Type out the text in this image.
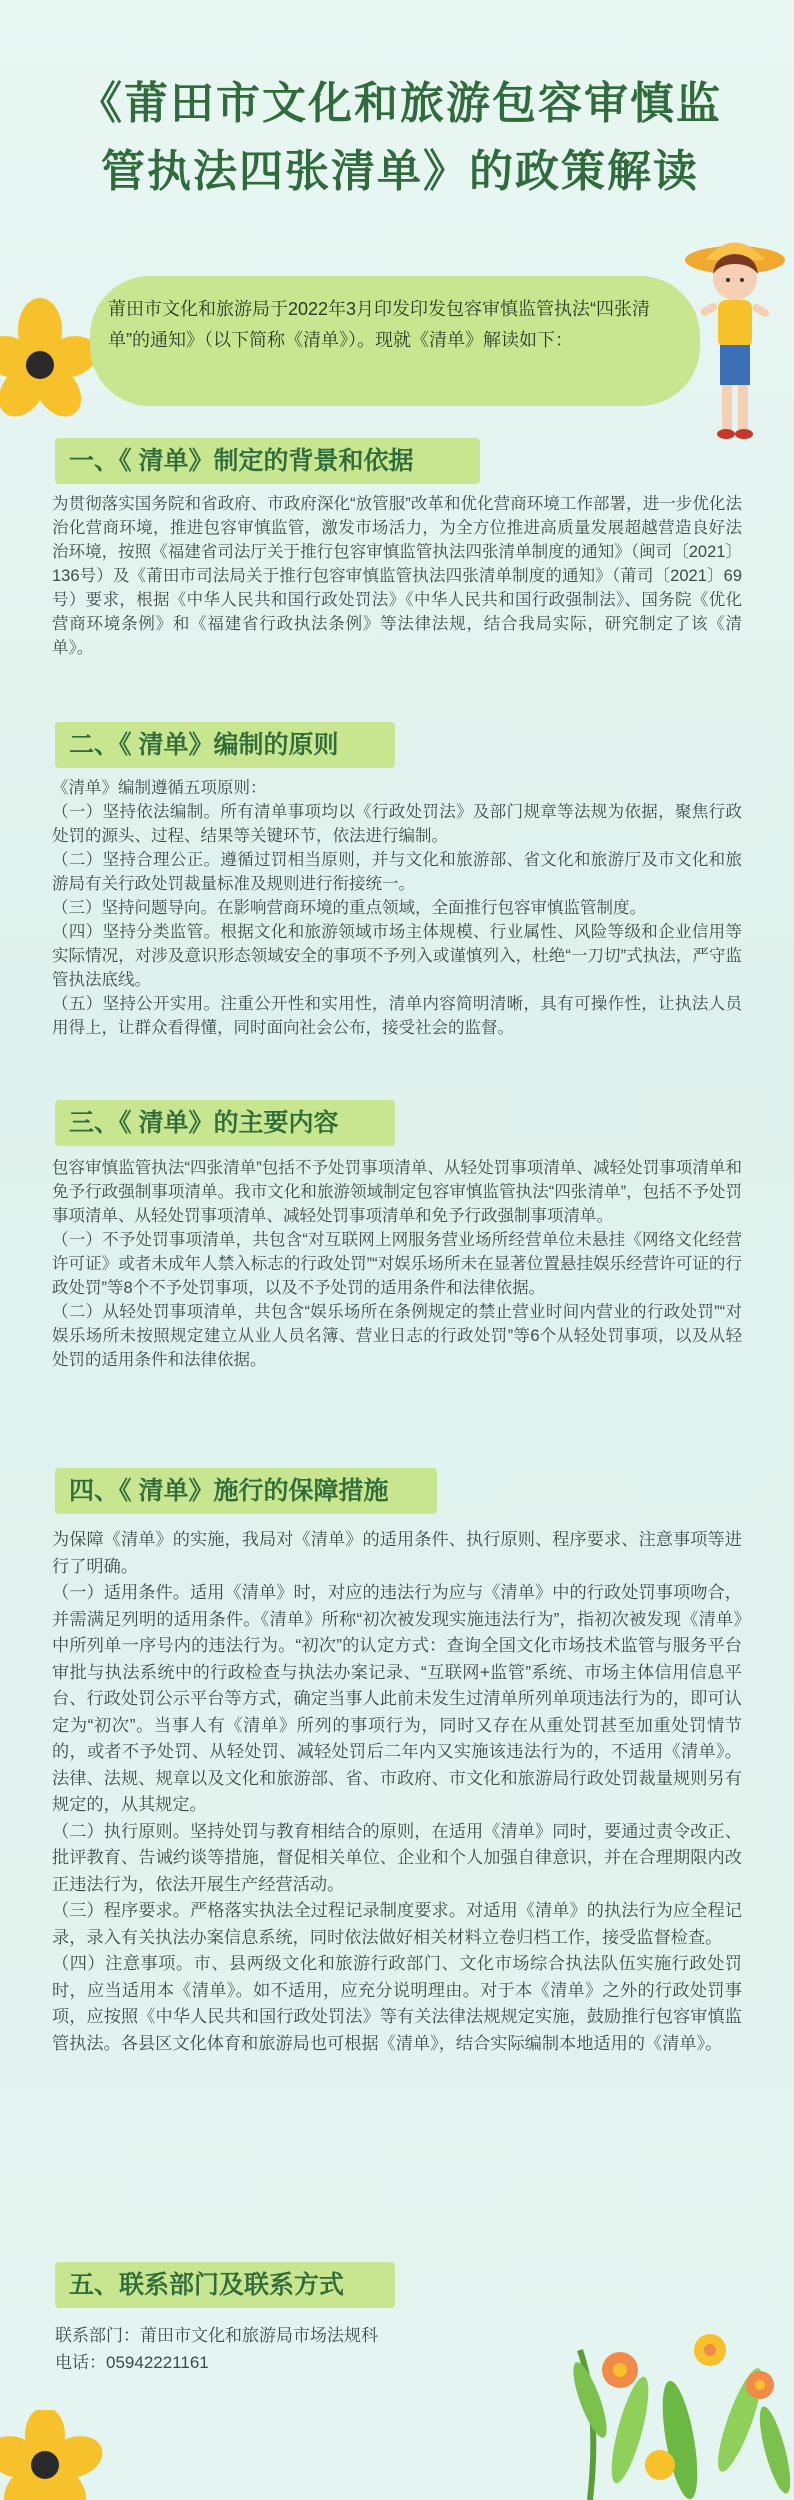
《莆田市文化和旅游包容审慎监
管执法四张清单》的政策解读

莆田市文化和旅游局于2022年3月印发印发包容审慎监管执法“四张清单”的通知》（以下简称《清单》）。现就《清单》解读如下：

一、《 清单》制定的背景和依据

为贯彻落实国务院和省政府、市政府深化“放管服”改革和优化营商环境工作部署，进一步优化法治化营商环境，推进包容审慎监管，激发市场活力，为全方位推进高质量发展超越营造良好法治环境，按照《福建省司法厅关于推行包容审慎监管执法四张清单制度的通知》（闽司〔2021〕136号）及《莆田市司法局关于推行包容审慎监管执法四张清单制度的通知》（莆司〔2021〕69号）要求，根据《中华人民共和国行政处罚法》《中华人民共和国行政强制法》、国务院《优化营商环境条例》和《福建省行政执法条例》等法律法规，结合我局实际，研究制定了该《清单》。

二、《 清单》编制的原则

《清单》编制遵循五项原则：

（一）坚持依法编制。所有清单事项均以《行政处罚法》及部门规章等法规为依据，聚焦行政处罚的源头、过程、结果等关键环节，依法进行编制。

（二）坚持合理公正。遵循过罚相当原则，并与文化和旅游部、省文化和旅游厅及市文化和旅游局有关行政处罚裁量标准及规则进行衔接统一。

（三）坚持问题导向。在影响营商环境的重点领域，全面推行包容审慎监管制度。

（四）坚持分类监管。根据文化和旅游领域市场主体规模、行业属性、风险等级和企业信用等实际情况，对涉及意识形态领域安全的事项不予列入或谨慎列入，杜绝“一刀切”式执法，严守监管执法底线。

（五）坚持公开实用。注重公开性和实用性，清单内容简明清晰，具有可操作性，让执法人员用得上，让群众看得懂，同时面向社会公布，接受社会的监督。

三、《 清单》的主要内容

包容审慎监管执法“四张清单”包括不予处罚事项清单、从轻处罚事项清单、减轻处罚事项清单和免予行政强制事项清单。我市文化和旅游领域制定包容审慎监管执法“四张清单”，包括不予处罚事项清单、从轻处罚事项清单、减轻处罚事项清单和免予行政强制事项清单。

（一）不予处罚事项清单，共包含“对互联网上网服务营业场所经营单位未悬挂《网络文化经营许可证》或者未成年人禁入标志的行政处罚”“对娱乐场所未在显著位置悬挂娱乐经营许可证的行政处罚”等8个不予处罚事项，以及不予处罚的适用条件和法律依据。

（二）从轻处罚事项清单，共包含“娱乐场所在条例规定的禁止营业时间内营业的行政处罚”“对娱乐场所未按照规定建立从业人员名簿、营业日志的行政处罚”等6个从轻处罚事项，以及从轻处罚的适用条件和法律依据。

四、《 清单》施行的保障措施

为保障《清单》的实施，我局对《清单》的适用条件、执行原则、程序要求、注意事项等进行了明确。

（一）适用条件。适用《清单》时，对应的违法行为应与《清单》中的行政处罚事项吻合，并需满足列明的适用条件。《清单》所称“初次被发现实施违法行为”，指初次被发现《清单》中所列单一序号内的违法行为。“初次”的认定方式：查询全国文化市场技术监管与服务平台审批与执法系统中的行政检查与执法办案记录、“互联网+监管”系统、市场主体信用信息平台、行政处罚公示平台等方式，确定当事人此前未发生过清单所列单项违法行为的，即可认定为“初次”。当事人有《清单》所列的事项行为，同时又存在从重处罚甚至加重处罚情节的，或者不予处罚、从轻处罚、减轻处罚后二年内又实施该违法行为的，不适用《清单》。法律、法规、规章以及文化和旅游部、省、市政府、市文化和旅游局行政处罚裁量规则另有规定的，从其规定。

（二）执行原则。坚持处罚与教育相结合的原则，在适用《清单》同时，要通过责令改正、批评教育、告诫约谈等措施，督促相关单位、企业和个人加强自律意识，并在合理期限内改正违法行为，依法开展生产经营活动。

（三）程序要求。严格落实执法全过程记录制度要求。对适用《清单》的执法行为应全程记录，录入有关执法办案信息系统，同时依法做好相关材料立卷归档工作，接受监督检查。

（四）注意事项。市、县两级文化和旅游行政部门、文化市场综合执法队伍实施行政处罚时，应当适用本《清单》。如不适用，应充分说明理由。对于本《清单》之外的行政处罚事项，应按照《中华人民共和国行政处罚法》等有关法律法规规定实施，鼓励推行包容审慎监管执法。各县区文化体育和旅游局也可根据《清单》，结合实际编制本地适用的《清单》。

五、联系部门及联系方式

联系部门：莆田市文化和旅游局市场法规科

电话：05942221161
